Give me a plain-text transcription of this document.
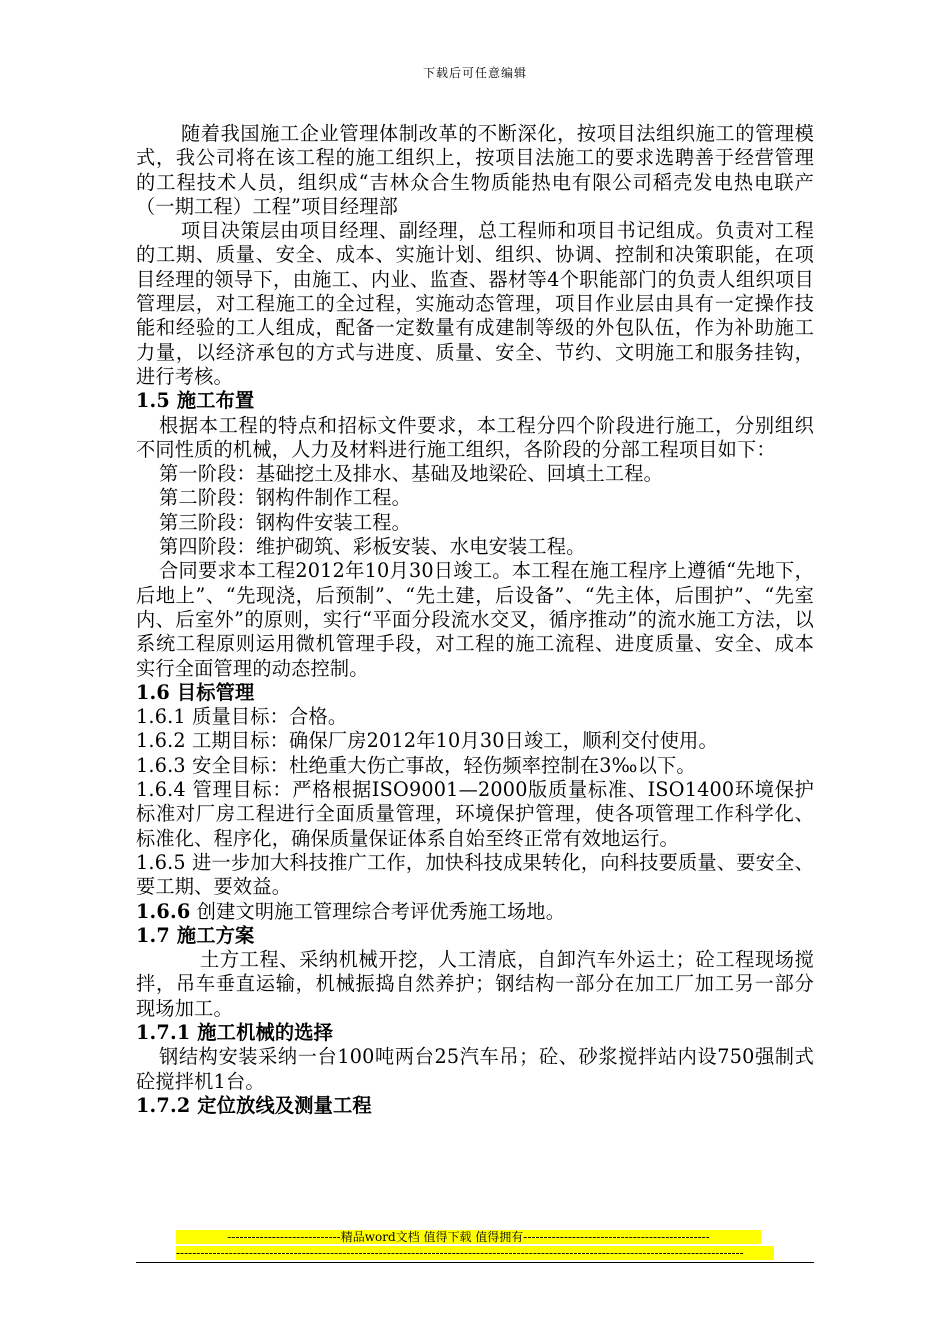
下载后可任意编辑

随着我国施工企业管理体制改革的不断深化，按项目法组织施工的管理模式，我公司将在该工程的施工组织上，按项目法施工的要求选聘善于经营管理的工程技术人员，组织成“吉林众合生物质能热电有限公司稻壳发电热电联产（一期工程）工程”项目经理部

项目决策层由项目经理、副经理，总工程师和项目书记组成。负责对工程的工期、质量、安全、成本、实施计划、组织、协调、控制和决策职能，在项目经理的领导下，由施工、内业、监查、器材等4个职能部门的负责人组织项目管理层，对工程施工的全过程，实施动态管理，项目作业层由具有一定操作技能和经验的工人组成，配备一定数量有成建制等级的外包队伍，作为补助施工力量，以经济承包的方式与进度、质量、安全、节约、文明施工和服务挂钩，进行考核。

1.5 施工布置

根据本工程的特点和招标文件要求，本工程分四个阶段进行施工，分别组织不同性质的机械，人力及材料进行施工组织，各阶段的分部工程项目如下：

第一阶段：基础挖土及排水、基础及地梁砼、回填土工程。

第二阶段：钢构件制作工程。

第三阶段：钢构件安装工程。

第四阶段：维护砌筑、彩板安装、水电安装工程。

合同要求本工程2012年10月30日竣工。本工程在施工程序上遵循“先地下，后地上”、“先现浇，后预制”、“先土建，后设备”、“先主体，后围护”、“先室内、后室外”的原则，实行“平面分段流水交叉，循序推动”的流水施工方法，以系统工程原则运用微机管理手段，对工程的施工流程、进度质量、安全、成本实行全面管理的动态控制。

1.6 目标管理

1.6.1 质量目标：合格。

1.6.2 工期目标：确保厂房2012年10月30日竣工，顺利交付使用。

1.6.3 安全目标：杜绝重大伤亡事故，轻伤频率控制在3‰以下。

1.6.4 管理目标：严格根据ISO9001—2000版质量标准、ISO1400环境保护标准对厂房工程进行全面质量管理，环境保护管理，使各项管理工作科学化、标准化、程序化，确保质量保证体系自始至终正常有效地运行。

1.6.5 进一步加大科技推广工作，加快科技成果转化，向科技要质量、要安全、要工期、要效益。

1.6.6 创建文明施工管理综合考评优秀施工场地。

1.7 施工方案

土方工程、采纳机械开挖，人工清底，自卸汽车外运土；砼工程现场搅拌，吊车垂直运输，机械振捣自然养护；钢结构一部分在加工厂加工另一部分现场加工。

1.7.1 施工机械的选择

钢结构安装采纳一台100吨两台25汽车吊；砼、砂浆搅拌站内设750强制式砼搅拌机1台。

1.7.2 定位放线及测量工程

----------------------------精品word文档 值得下载 值得拥有----------------------------------------------
--------------------------------------------------------------------------------------------------------------------------------------------
